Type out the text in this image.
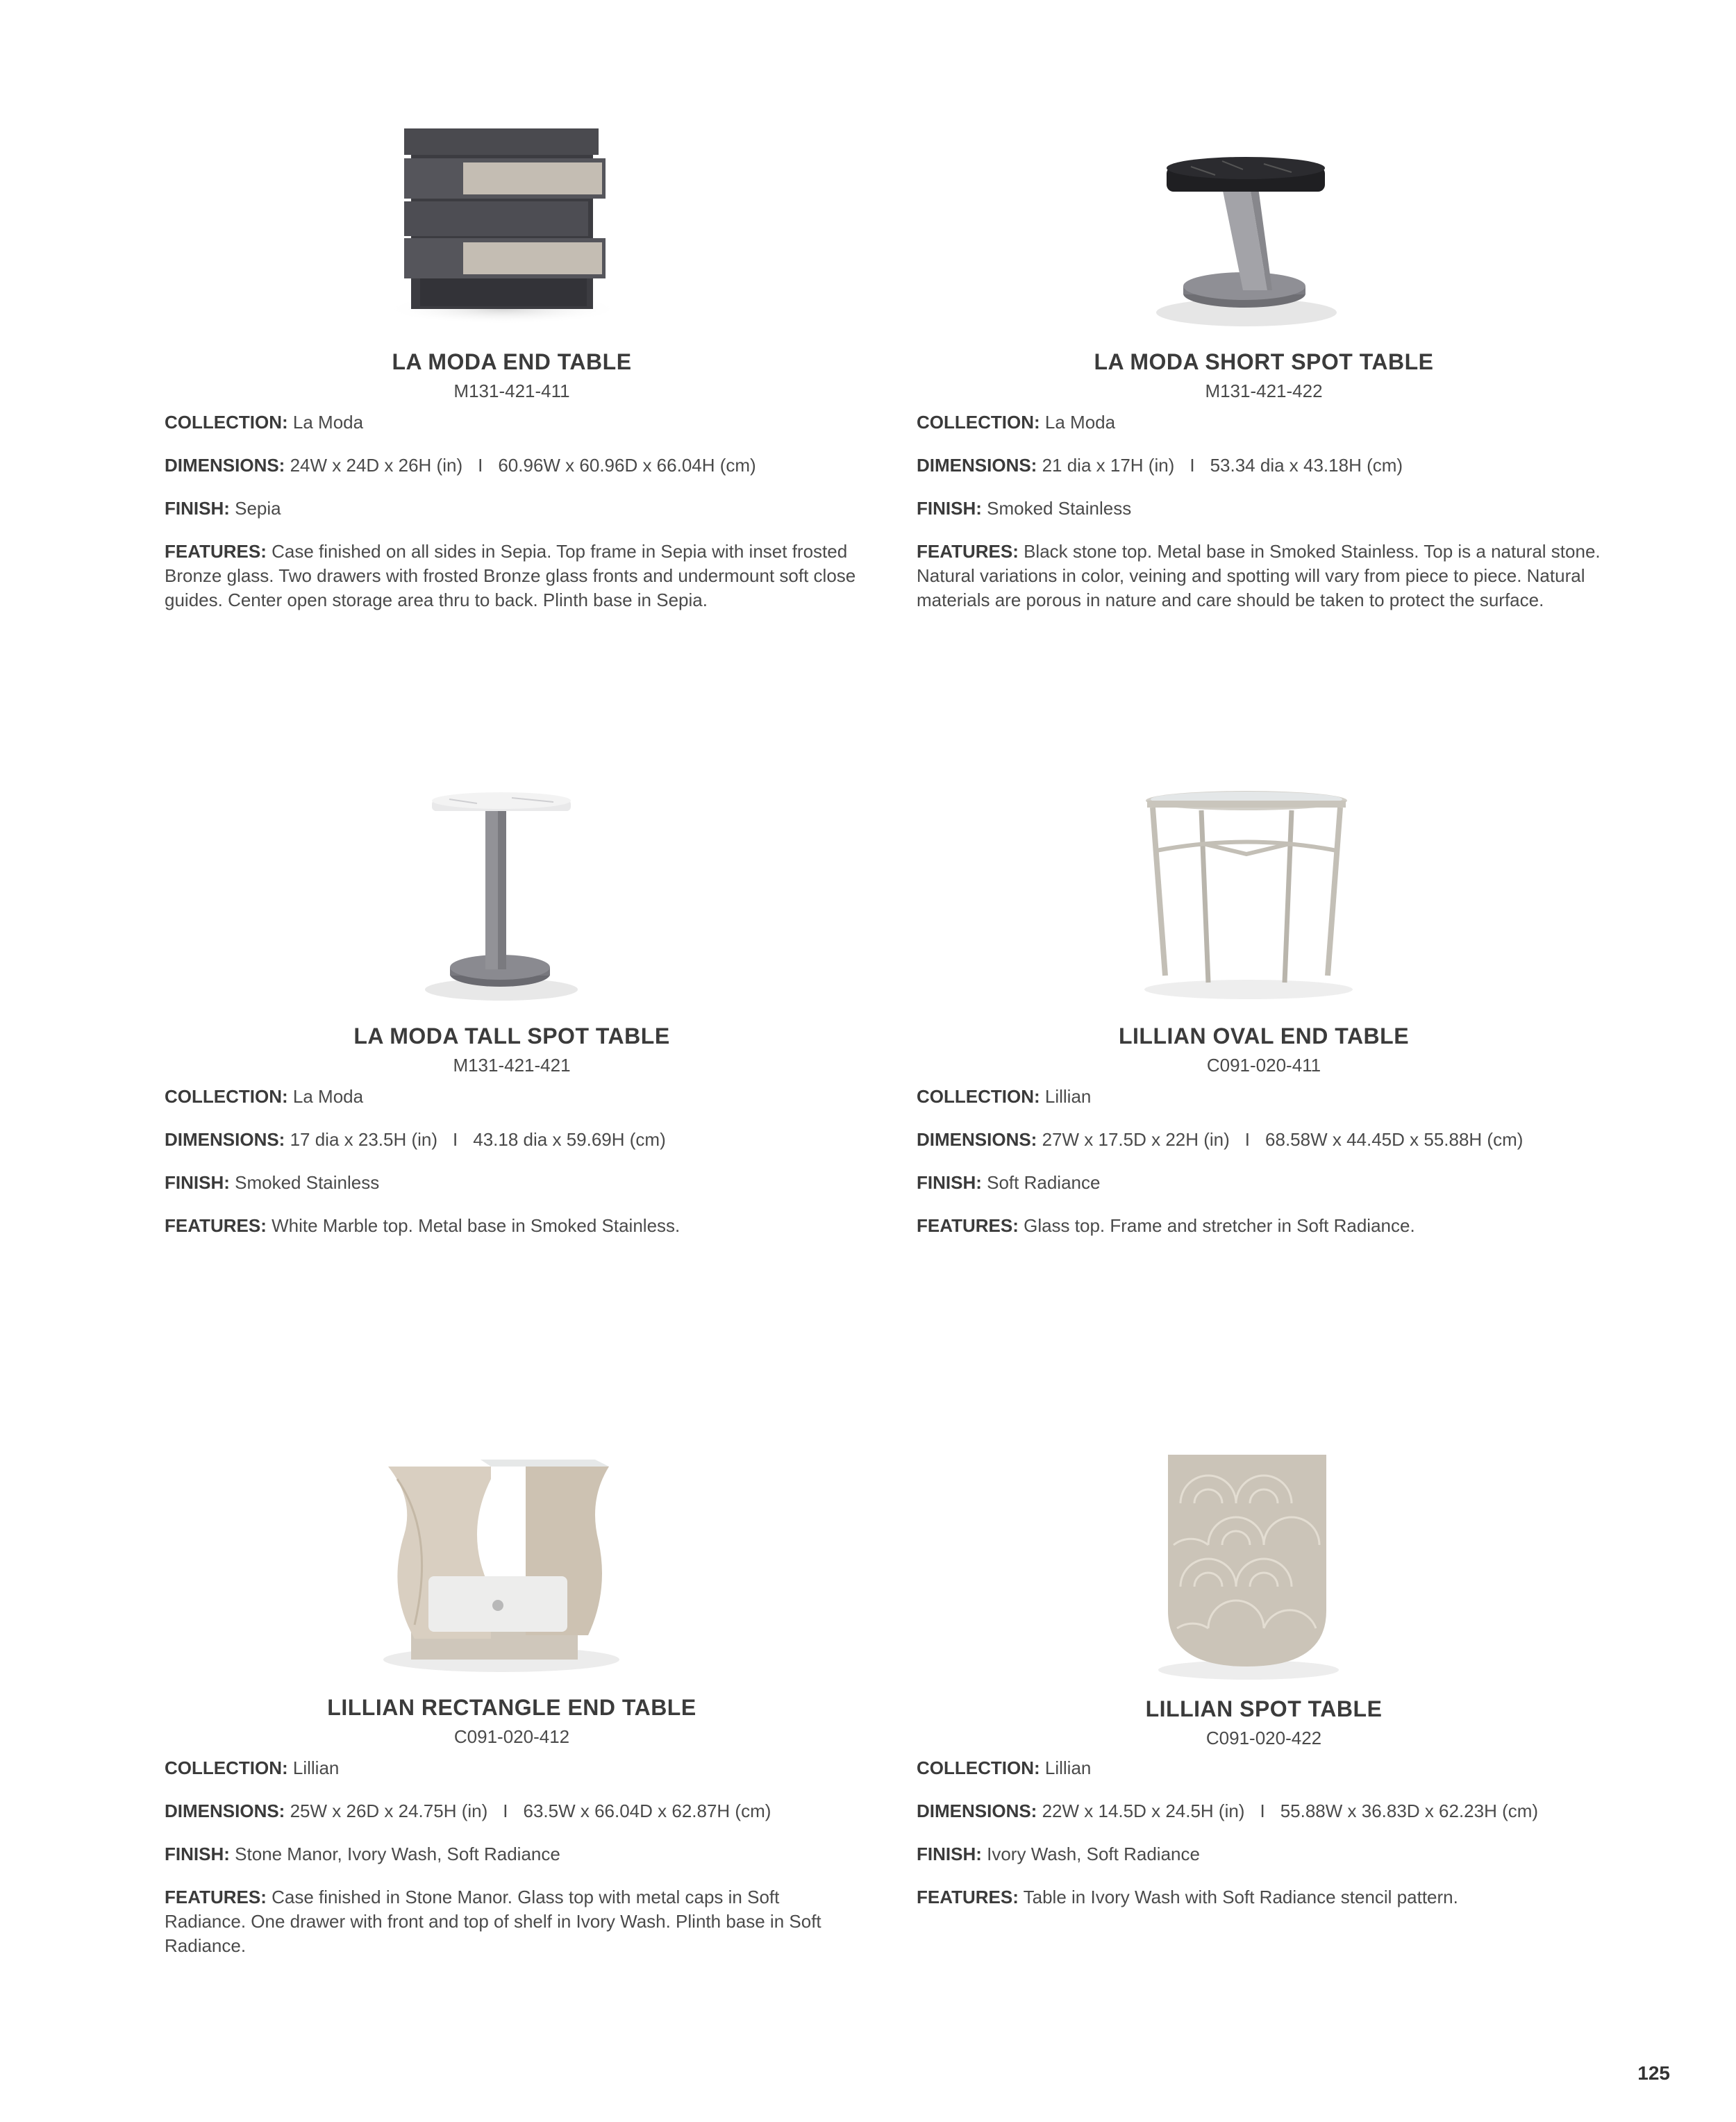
LA MODA END TABLE
M131-421-411
COLLECTION: La Moda
DIMENSIONS: 24W x 24D x 26H (in) I 60.96W x 60.96D x 66.04H (cm)
FINISH: Sepia
FEATURES: Case finished on all sides in Sepia. Top frame in Sepia with inset frosted Bronze glass. Two drawers with frosted Bronze glass fronts and undermount soft close guides. Center open storage area thru to back. Plinth base in Sepia.
LA MODA SHORT SPOT TABLE
M131-421-422
COLLECTION: La Moda
DIMENSIONS: 21 dia x 17H (in) I 53.34 dia x 43.18H (cm)
FINISH: Smoked Stainless
FEATURES: Black stone top. Metal base in Smoked Stainless. Top is a natural stone. Natural variations in color, veining and spotting will vary from piece to piece. Natural materials are porous in nature and care should be taken to protect the surface.
LA MODA TALL SPOT TABLE
M131-421-421
COLLECTION: La Moda
DIMENSIONS: 17 dia x 23.5H (in) I 43.18 dia x 59.69H (cm)
FINISH: Smoked Stainless
FEATURES: White Marble top. Metal base in Smoked Stainless.
LILLIAN OVAL END TABLE
C091-020-411
COLLECTION: Lillian
DIMENSIONS: 27W x 17.5D x 22H (in) I 68.58W x 44.45D x 55.88H (cm)
FINISH: Soft Radiance
FEATURES: Glass top. Frame and stretcher in Soft Radiance.
LILLIAN RECTANGLE END TABLE
C091-020-412
COLLECTION: Lillian
DIMENSIONS: 25W x 26D x 24.75H (in) I 63.5W x 66.04D x 62.87H (cm)
FINISH: Stone Manor, Ivory Wash, Soft Radiance
FEATURES: Case finished in Stone Manor. Glass top with metal caps in Soft Radiance. One drawer with front and top of shelf in Ivory Wash. Plinth base in Soft Radiance.
LILLIAN SPOT TABLE
C091-020-422
COLLECTION: Lillian
DIMENSIONS: 22W x 14.5D x 24.5H (in) I 55.88W x 36.83D x 62.23H (cm)
FINISH: Ivory Wash, Soft Radiance
FEATURES: Table in Ivory Wash with Soft Radiance stencil pattern.
125
